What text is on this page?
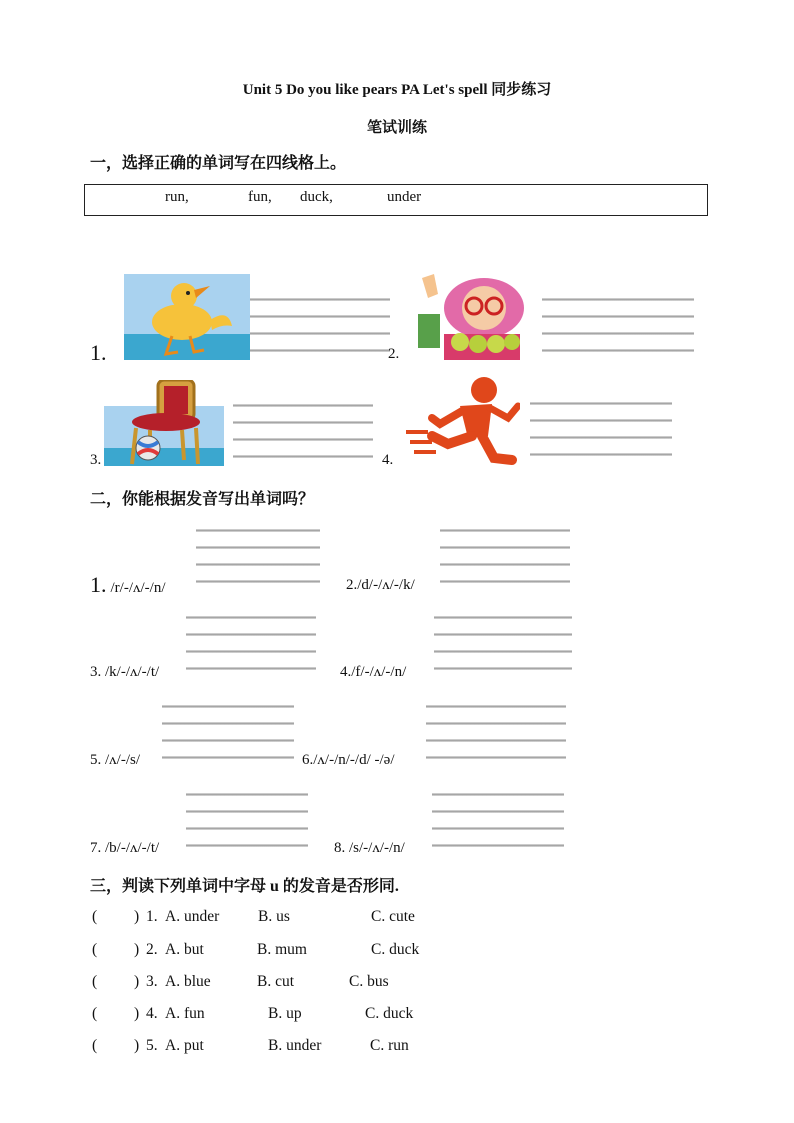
Unit 5 Do you like pears PA Let's spell 同步练习
笔试训练
一，选择正确的单词写在四线格上。
run,	fun, duck,	under
1.	2.
3.	4.
二，你能根据发音写出单词吗？
1. /r/-/ʌ/-/n/	2./d/-/ʌ/-/k/
3. /k/-/ʌ/-/t/	4./f/-/ʌ/-/n/
5. /ʌ/-/s/	6./ʌ/-/n/-/d/ -/ə/
7. /b/-/ʌ/-/t/	8. /s/-/ʌ/-/n/
三，判读下列单词中字母 u 的发音是否形同.
( ) 1. A. under	B. us	C. cute
( ) 2. A. but	B. mum	C. duck
( ) 3. A. blue	B. cut	C. bus
( ) 4. A. fun	B. up	C. duck
( ) 5. A. put	B. under	C. run
